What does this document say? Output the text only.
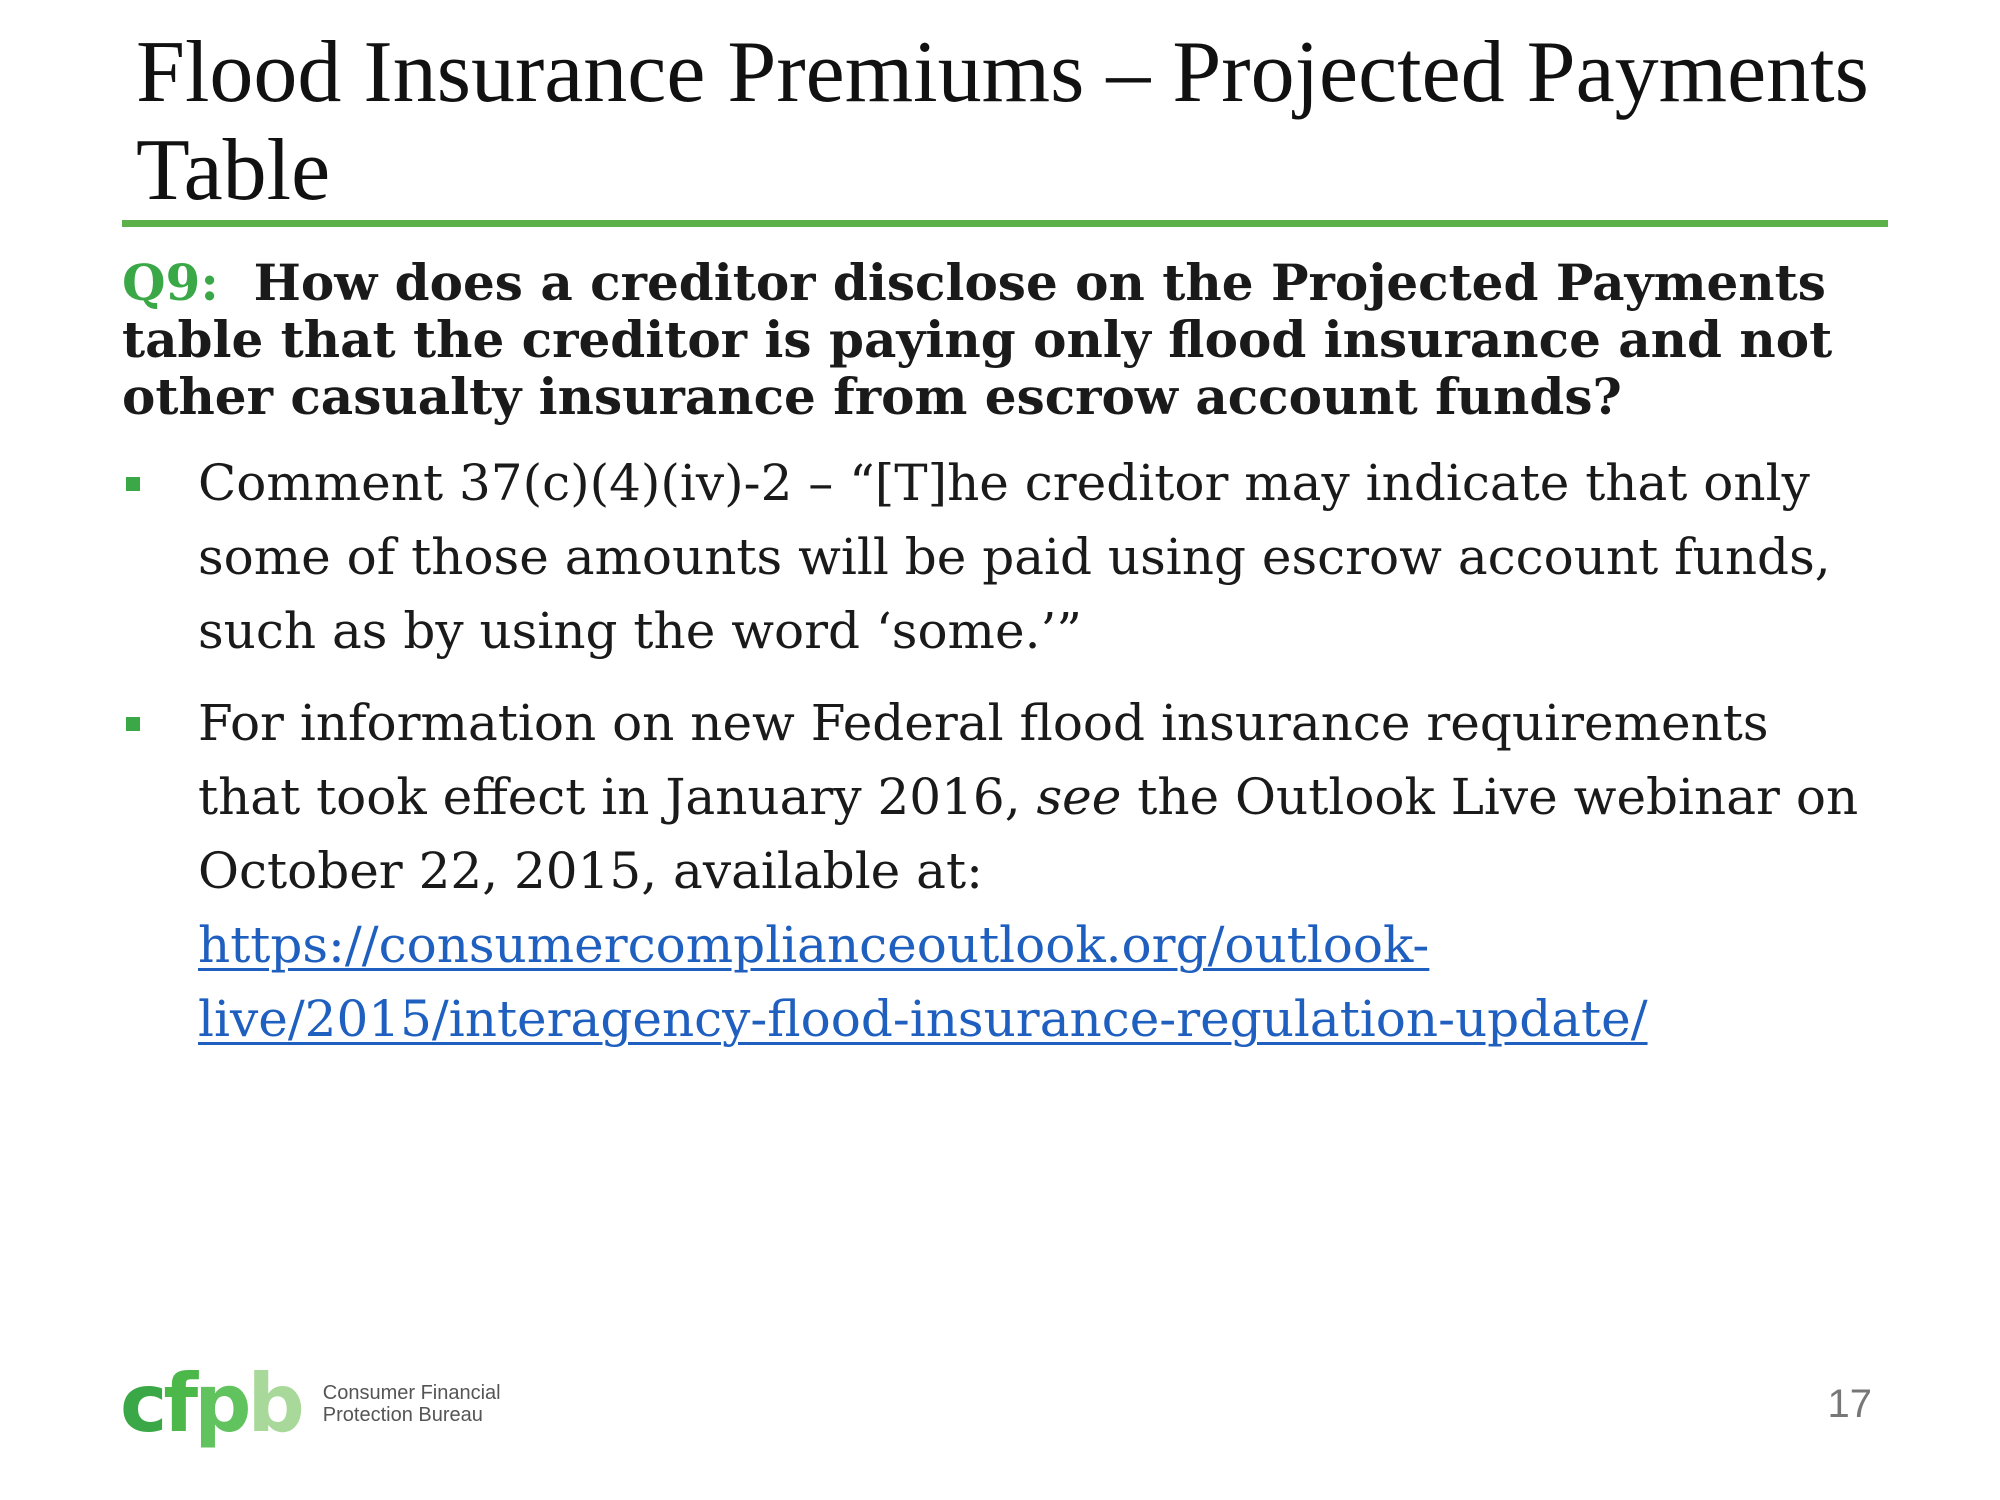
Flood Insurance Premiums – Projected Payments Table

Q9: How does a creditor disclose on the Projected Payments table that the creditor is paying only flood insurance and not other casualty insurance from escrow account funds?

Comment 37(c)(4)(iv)-2 – “[T]he creditor may indicate that only some of those amounts will be paid using escrow account funds, such as by using the word ‘some.’”
For information on new Federal flood insurance requirements that took effect in January 2016, see the Outlook Live webinar on October 22, 2015, available at:
https://consumercomplianceoutlook.org/outlook-
live/2015/interagency-flood-insurance-regulation-update/
cfpb Consumer Financial
Protection Bureau	17
